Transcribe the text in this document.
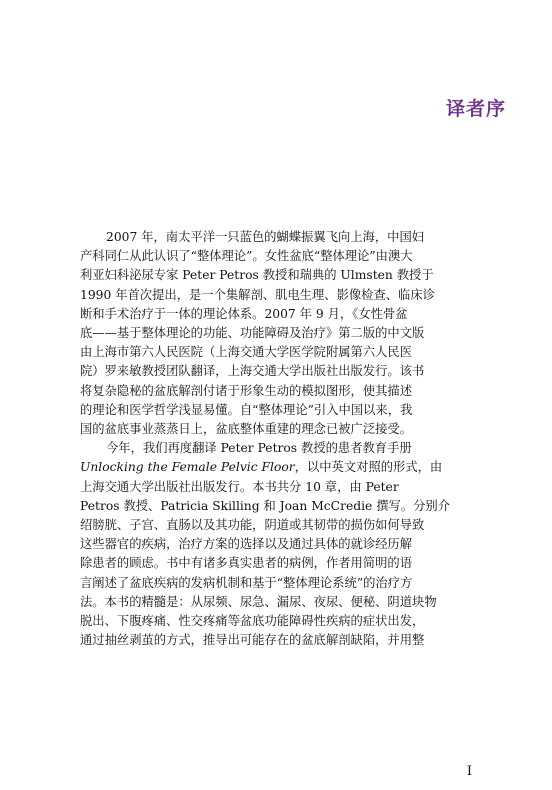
译者序
2007 年，南太平洋一只蓝色的蝴蝶振翼飞向上海，中国妇
产科同仁从此认识了“整体理论”。女性盆底“整体理论”由澳大
利亚妇科泌尿专家 Peter Petros 教授和瑞典的 Ulmsten 教授于
1990 年首次提出，是一个集解剖、肌电生理、影像检查、临床诊
断和手术治疗于一体的理论体系。2007 年 9 月，《女性骨盆
底——基于整体理论的功能、功能障碍及治疗》第二版的中文版
由上海市第六人民医院（上海交通大学医学院附属第六人民医
院）罗来敏教授团队翻译，上海交通大学出版社出版发行。该书
将复杂隐秘的盆底解剖付诸于形象生动的模拟图形，使其描述
的理论和医学哲学浅显易懂。自“整体理论”引入中国以来，我
国的盆底事业蒸蒸日上，盆底整体重建的理念已被广泛接受。
今年，我们再度翻译 Peter Petros 教授的患者教育手册
Unlocking the Female Pelvic Floor，以中英文对照的形式，由
上海交通大学出版社出版发行。本书共分 10 章，由 Peter
Petros 教授、Patricia Skilling 和 Joan McCredie 撰写。分别介
绍膀胱、子宫、直肠以及其功能，阴道或其韧带的损伤如何导致
这些器官的疾病，治疗方案的选择以及通过具体的就诊经历解
除患者的顾虑。书中有诸多真实患者的病例，作者用简明的语
言阐述了盆底疾病的发病机制和基于“整体理论系统”的治疗方
法。本书的精髓是：从尿频、尿急、漏尿、夜尿、便秘、阴道块物
脱出、下腹疼痛、性交疼痛等盆底功能障碍性疾病的症状出发，
通过抽丝剥茧的方式，推导出可能存在的盆底解剖缺陷，并用整
I
